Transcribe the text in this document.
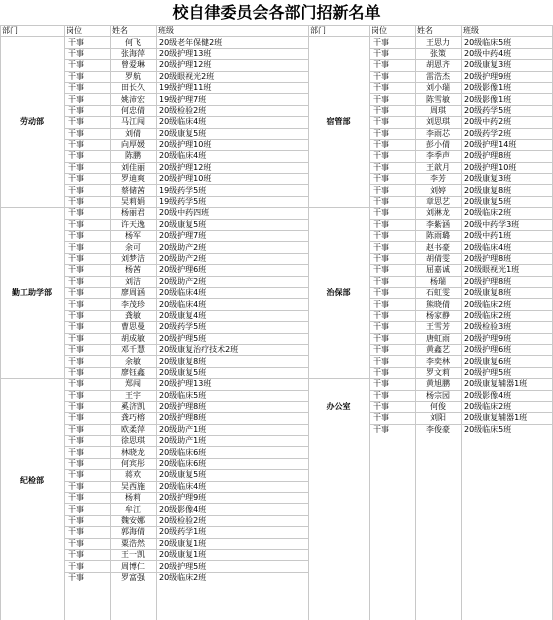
校自律委员会各部门招新名单
部门	岗位	姓名	班级
劳动部	干事	何飞	20级老年保健2班
	干事	张海萍	20级护理13班
	干事	曾爱琳	20级护理12班
	干事	罗航	20级眼视光2班
	干事	田长久	19级护理11班
	干事	姚沛宏	19级护理7班
	干事	何忠倩	20级检验2班
	干事	马江闯	20级临床4班
	干事	刘倩	20级康复5班
	干事	向厚媛	20级护理10班
	干事	陈鹏	20级临床4班
	干事	刘佳丽	20级护理12班
	干事	罗迪爽	20级护理10班
	干事	蔡储茜	19级药学5班
	干事	吴莉娟	19级药学5班
勤工助学部	干事	杨丽君	20级中药四班
	干事	许天逸	20级康复5班
	干事	杨军	20级护理7班
	干事	余可	20级助产2班
	干事	刘梦洁	20级助产2班
	干事	杨茜	20级护理6班
	干事	刘洁	20级助产2班
	干事	廖周涵	20级临床4班
	干事	李茂珍	20级临床4班
	干事	龚敏	20级康复4班
	干事	曹思曼	20级药学5班
	干事	胡成敏	20级护理5班
	干事	邓千慧	20级康复治疗技术2班
	干事	余敏	20级康复8班
	干事	廖钰鑫	20级康复5班
纪检部	干事	郑闯	20级护理13班
	干事	王宇	20级临床5班
	干事	奚济凯	20级护理8班
	干事	龚巧榕	20级护理8班
	干事	欧柔萍	20级助产1班
	干事	徐思琪	20级助产1班
	干事	林晓龙	20级临床6班
	干事	何宾彤	20级临床6班
	干事	蒋欢	20级康复5班
	干事	吴西施	20级临床4班
	干事	杨莉	20级护理9班
	干事	牟江	20级影像4班
	干事	魏安娜	20级检验2班
	干事	郭海倩	20级药学1班
	干事	粟浩然	20级康复1班
	干事	王一凯	20级康复1班
	干事	周博仁	20级护理5班
	干事	罗富强	20级临床2班
部门	岗位	姓名	班级
宿管部	干事	王思力	20级临床5班
	干事	张策	20级中药4班
	干事	胡恩齐	20级康复3班
	干事	雷浩杰	20级护理9班
	干事	刘小瑞	20级影像1班
	干事	陈雪敏	20级影像1班
	干事	周琪	20级药学5班
	干事	刘思琪	20级中药2班
	干事	李雨芯	20级药学2班
	干事	彭小倩	20级护理14班
	干事	李季声	20级护理8班
	干事	王歆月	20级护理10班
	干事	李芳	20级康复3班
	干事	刘婷	20级康复8班
	干事	章思艺	20级康复5班
治保部	干事	刘淋龙	20级临床2班
	干事	李紫涵	20级中药学3班
	干事	陈雨璐	20级中药1班
	干事	赵书豪	20级临床4班
	干事	胡倩雯	20级护理8班
	干事	屈嘉诚	20级眼视光1班
	干事	杨瑞	20级护理8班
	干事	石虹雯	20级康复8班
	干事	熊晓倩	20级临床2班
	干事	杨家静	20级临床2班
	干事	王雪芳	20级检验3班
	干事	唐虹雨	20级护理9班
	干事	黄鑫艺	20级护理6班
	干事	李奕林	20级康复6班
	干事	罗文莉	20级护理5班
办公室	干事	黄旭鹏	20级康复辅器1班
	干事	杨宗园	20级影像4班
	干事	何俊	20级临床2班
	干事	刘阳	20级康复辅器1班
	干事	李俊豪	20级临床5班
